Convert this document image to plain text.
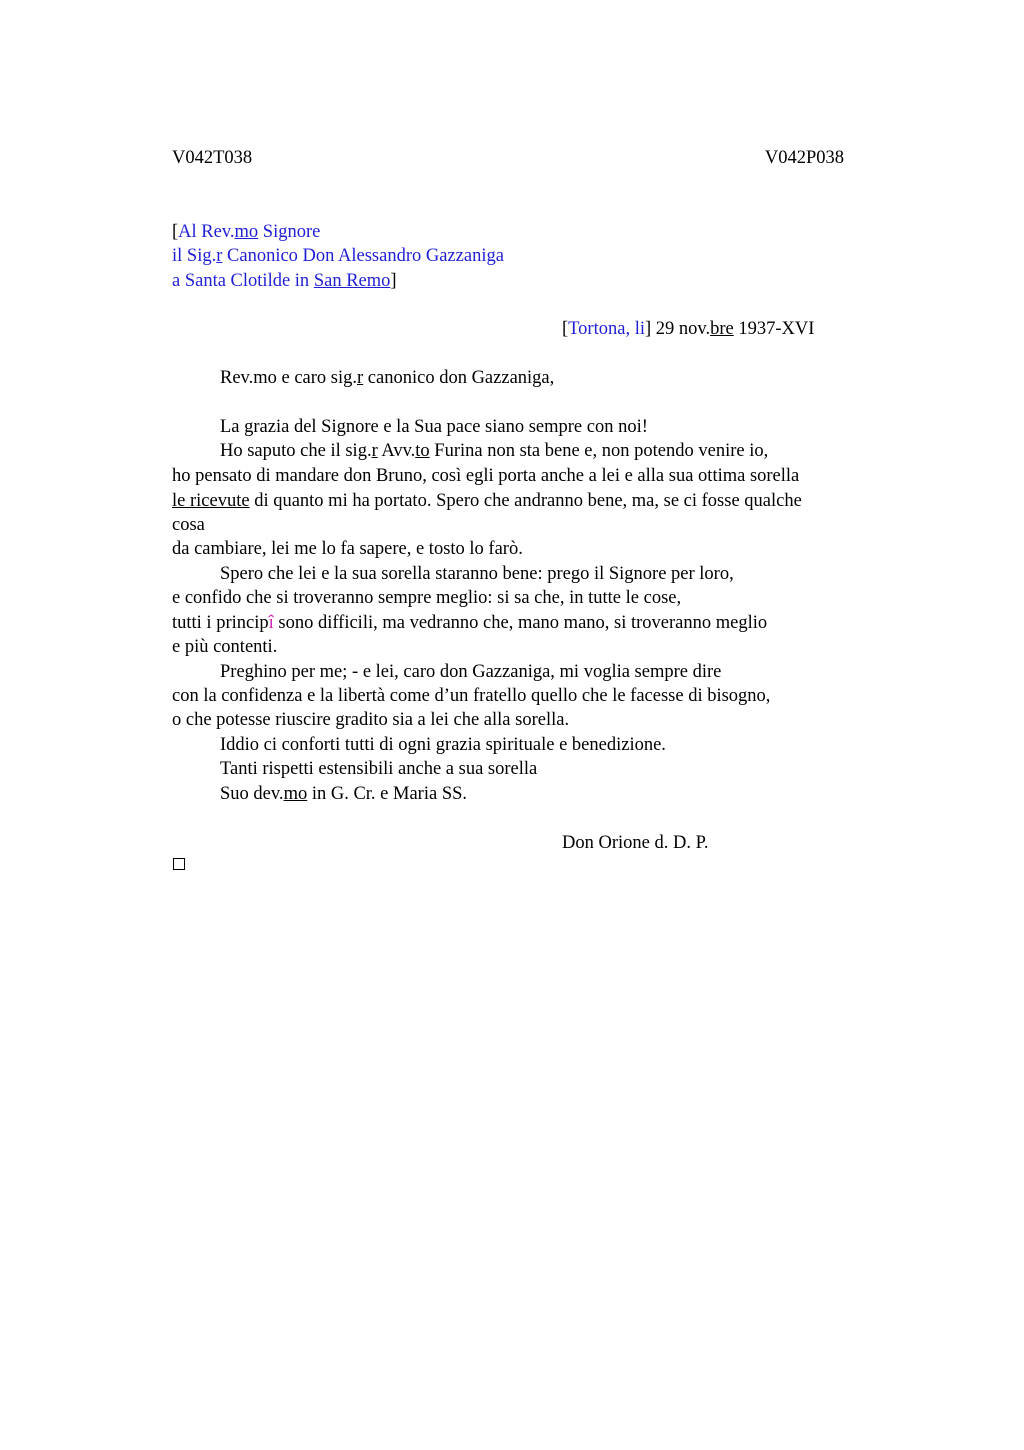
V042T038	V042P038
[Al Rev.mo Signore
il Sig.r Canonico Don Alessandro Gazzaniga
a Santa Clotilde in San Remo]
[Tortona, li] 29 nov.bre 1937-XVI
Rev.mo e caro sig.r canonico don Gazzaniga,
La grazia del Signore e la Sua pace siano sempre con noi!
Ho saputo che il sig.r Avv.to Furina non sta bene e, non potendo venire io,
ho pensato di mandare don Bruno, così egli porta anche a lei e alla sua ottima sorella
le ricevute di quanto mi ha portato. Spero che andranno bene, ma, se ci fosse qualche
cosa
da cambiare, lei me lo fa sapere, e tosto lo farò.
Spero che lei e la sua sorella staranno bene: prego il Signore per loro,
e confido che si troveranno sempre meglio: si sa che, in tutte le cose,
tutti i principî sono difficili, ma vedranno che, mano mano, si troveranno meglio
e più contenti.
Preghino per me; - e lei, caro don Gazzaniga, mi voglia sempre dire
con la confidenza e la libertà come d’un fratello quello che le facesse di bisogno,
o che potesse riuscire gradito sia a lei che alla sorella.
Iddio ci conforti tutti di ogni grazia spirituale e benedizione.
Tanti rispetti estensibili anche a sua sorella
Suo dev.mo in G. Cr. e Maria SS.
Don Orione d. D. P.
